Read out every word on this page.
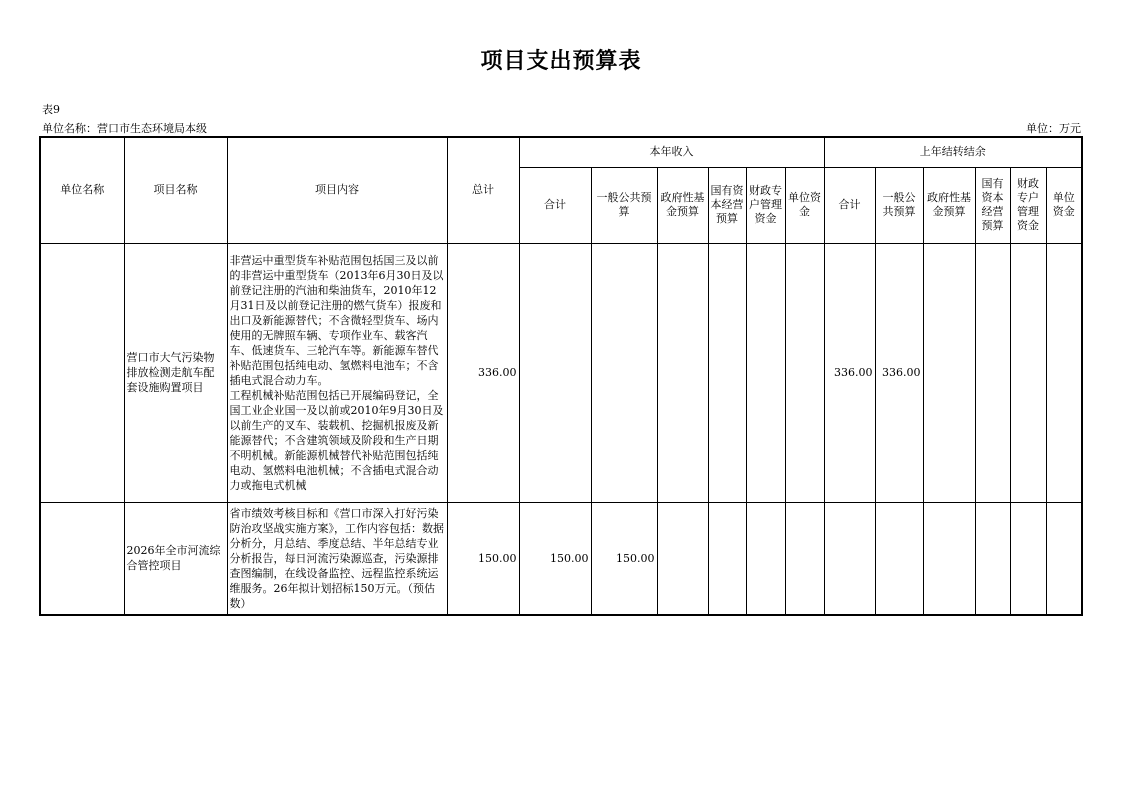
项目支出预算表
表9
单位名称：营口市生态环境局本级	单位：万元
单位名称	项目名称	项目内容	总计	本年收入						上年结转结余					
				合计	一般公共预算	政府性基金预算	国有资本经营预算	财政专户管理资金	单位资金	合计	一般公共预算	政府性基金预算	国有资本经营预算	财政专户管理资金	单位资金
	营口市大气污染物排放检测走航车配套设施购置项目	非营运中重型货车补贴范围包括国三及以前的非营运中重型货车（2013年6月30日及以前登记注册的汽油和柴油货车，2010年12月31日及以前登记注册的燃气货车）报废和出口及新能源替代；不含微轻型货车、场内使用的无牌照车辆、专项作业车、载客汽车、低速货车、三轮汽车等。新能源车替代补贴范围包括纯电动、氢燃料电池车；不含插电式混合动力车。
工程机械补贴范围包括已开展编码登记，全国工业企业国一及以前或2010年9月30日及以前生产的叉车、装载机、挖掘机报废及新能源替代；不含建筑领域及阶段和生产日期不明机械。新能源机械替代补贴范围包括纯电动、氢燃料电池机械；不含插电式混合动力或拖电式机械	336.00							336.00	336.00				
	2026年全市河流综合管控项目	省市绩效考核目标和《营口市深入打好污染防治攻坚战实施方案》，工作内容包括：数据分析分，月总结、季度总结、半年总结专业分析报告，每日河流污染源巡查，污染源排查图编制，在线设备监控、远程监控系统运维服务。26年拟计划招标150万元。（预估数）	150.00	150.00	150.00										
